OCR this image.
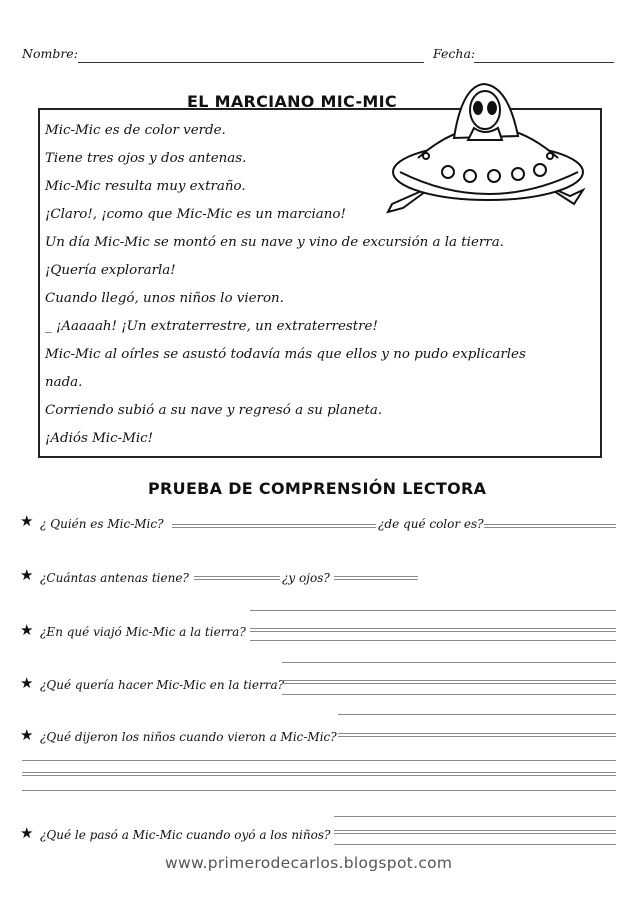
Nombre:	Fecha:
EL MARCIANO MIC-MIC
Mic-Mic es de color verde.
Tiene tres ojos y dos antenas.
Mic-Mic resulta muy extraño.
¡Claro!, ¡como que Mic-Mic es un marciano!
Un día Mic-Mic se montó en su nave y vino de excursión a la tierra.
¡Quería explorarla!
Cuando llegó, unos niños lo vieron.
_ ¡Aaaaah! ¡Un extraterrestre, un extraterrestre!
Mic-Mic al oírles se asustó todavía más que ellos y no pudo explicarles
nada.
Corriendo subió a su nave y regresó a su planeta.
¡Adiós Mic-Mic!
PRUEBA DE COMPRENSIÓN LECTORA
★ ¿ Quién es Mic-Mic?	¿de qué color es?
★ ¿Cuántas antenas tiene?	¿y ojos?
★ ¿En qué viajó Mic-Mic a la tierra?
★ ¿Qué quería hacer Mic-Mic en la tierra?
★ ¿Qué dijeron los niños cuando vieron a Mic-Mic?
★ ¿Qué le pasó a Mic-Mic cuando oyó a los niños?
www.primerodecarlos.blogspot.com
